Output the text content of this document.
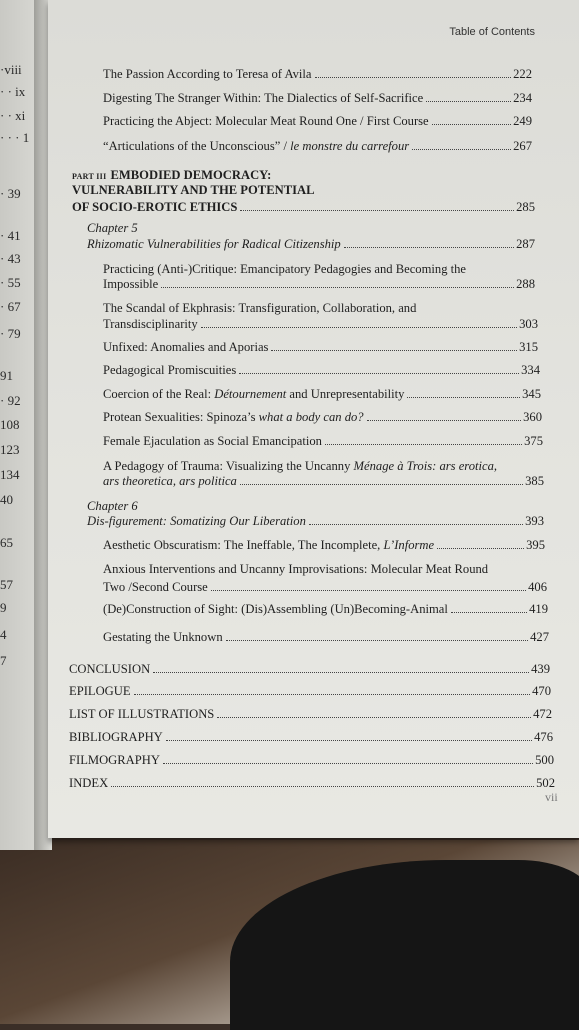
·viii
· · ix
· · xi
· · · 1
· 39
· 41
· 43
· 55
· 67
· 79
91
· 92
108
123
134
40
65
57
9
4
7
Table of Contents
The Passion According to Teresa of Avila	222
Digesting The Stranger Within: The Dialectics of Self-Sacrifice	234
Practicing the Abject: Molecular Meat Round One / First Course	249
“Articulations of the Unconscious” / le monstre du carrefour	267
PART III EMBODIED DEMOCRACY:
VULNERABILITY AND THE POTENTIAL
OF SOCIO-EROTIC ETHICS	285
Chapter 5
Rhizomatic Vulnerabilities for Radical Citizenship	287
Practicing (Anti-)Critique: Emancipatory Pedagogies and Becoming the
Impossible	288
The Scandal of Ekphrasis: Transfiguration, Collaboration, and
Transdisciplinarity	303
Unfixed: Anomalies and Aporias	315
Pedagogical Promiscuities	334
Coercion of the Real: Détournement and Unrepresentability	345
Protean Sexualities: Spinoza’s what a body can do?	360
Female Ejaculation as Social Emancipation	375
A Pedagogy of Trauma: Visualizing the Uncanny Ménage à Trois: ars erotica,
ars theoretica, ars politica	385
Chapter 6
Dis-figurement: Somatizing Our Liberation	393
Aesthetic Obscuratism: The Ineffable, The Incomplete, L’Informe	395
Anxious Interventions and Uncanny Improvisations: Molecular Meat Round
Two /Second Course	406
(De)Construction of Sight: (Dis)Assembling (Un)Becoming-Animal	419
Gestating the Unknown	427
CONCLUSION	439
EPILOGUE	470
LIST OF ILLUSTRATIONS	472
BIBLIOGRAPHY	476
FILMOGRAPHY	500
INDEX	502
vii
